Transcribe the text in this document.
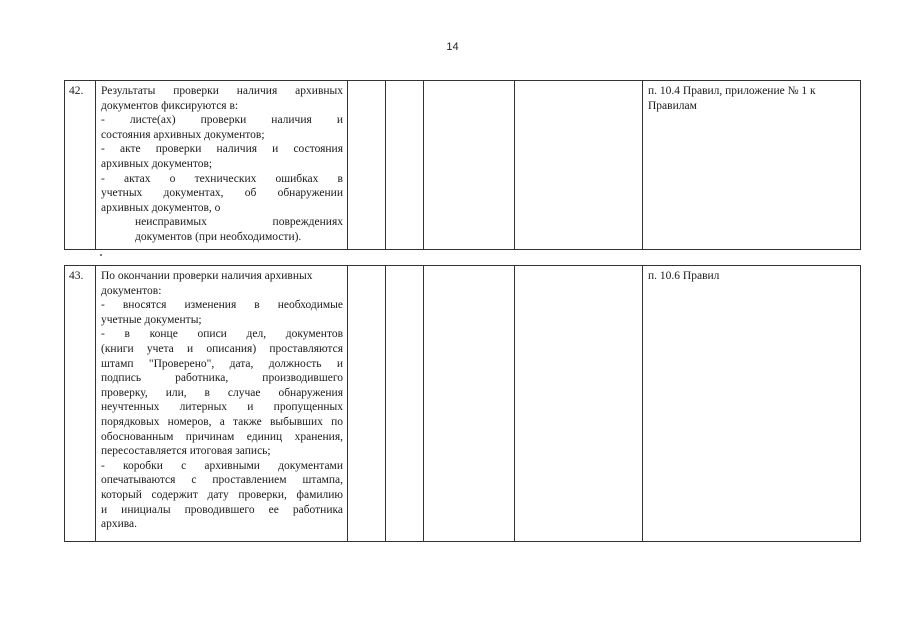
14
42.	Результаты проверки наличия архивных
документов фиксируются в:
- листе(ах) проверки наличия и
состояния архивных документов;
- акте проверки наличия и состояния
архивных документов;
- актах о технических ошибках в
учетных документах, об обнаружении
архивных документов, о
неисправимых повреждениях
документов (при необходимости).
					п. 10.4 Правил, приложение № 1 к Правилам
43.	По окончании проверки наличия архивных
документов:
- вносятся изменения в необходимые
учетные документы;
- в конце описи дел, документов
(книги учета и описания) проставляются
штамп "Проверено", дата, должность и
подпись работника, производившего
проверку, или, в случае обнаружения
неучтенных литерных и пропущенных
порядковых номеров, а также выбывших по
обоснованным причинам единиц хранения,
пересоставляется итоговая запись;
- коробки с архивными документами
опечатываются с проставлением штампа,
который содержит дату проверки, фамилию
и инициалы проводившего ее работника
архива.
					п. 10.6 Правил
